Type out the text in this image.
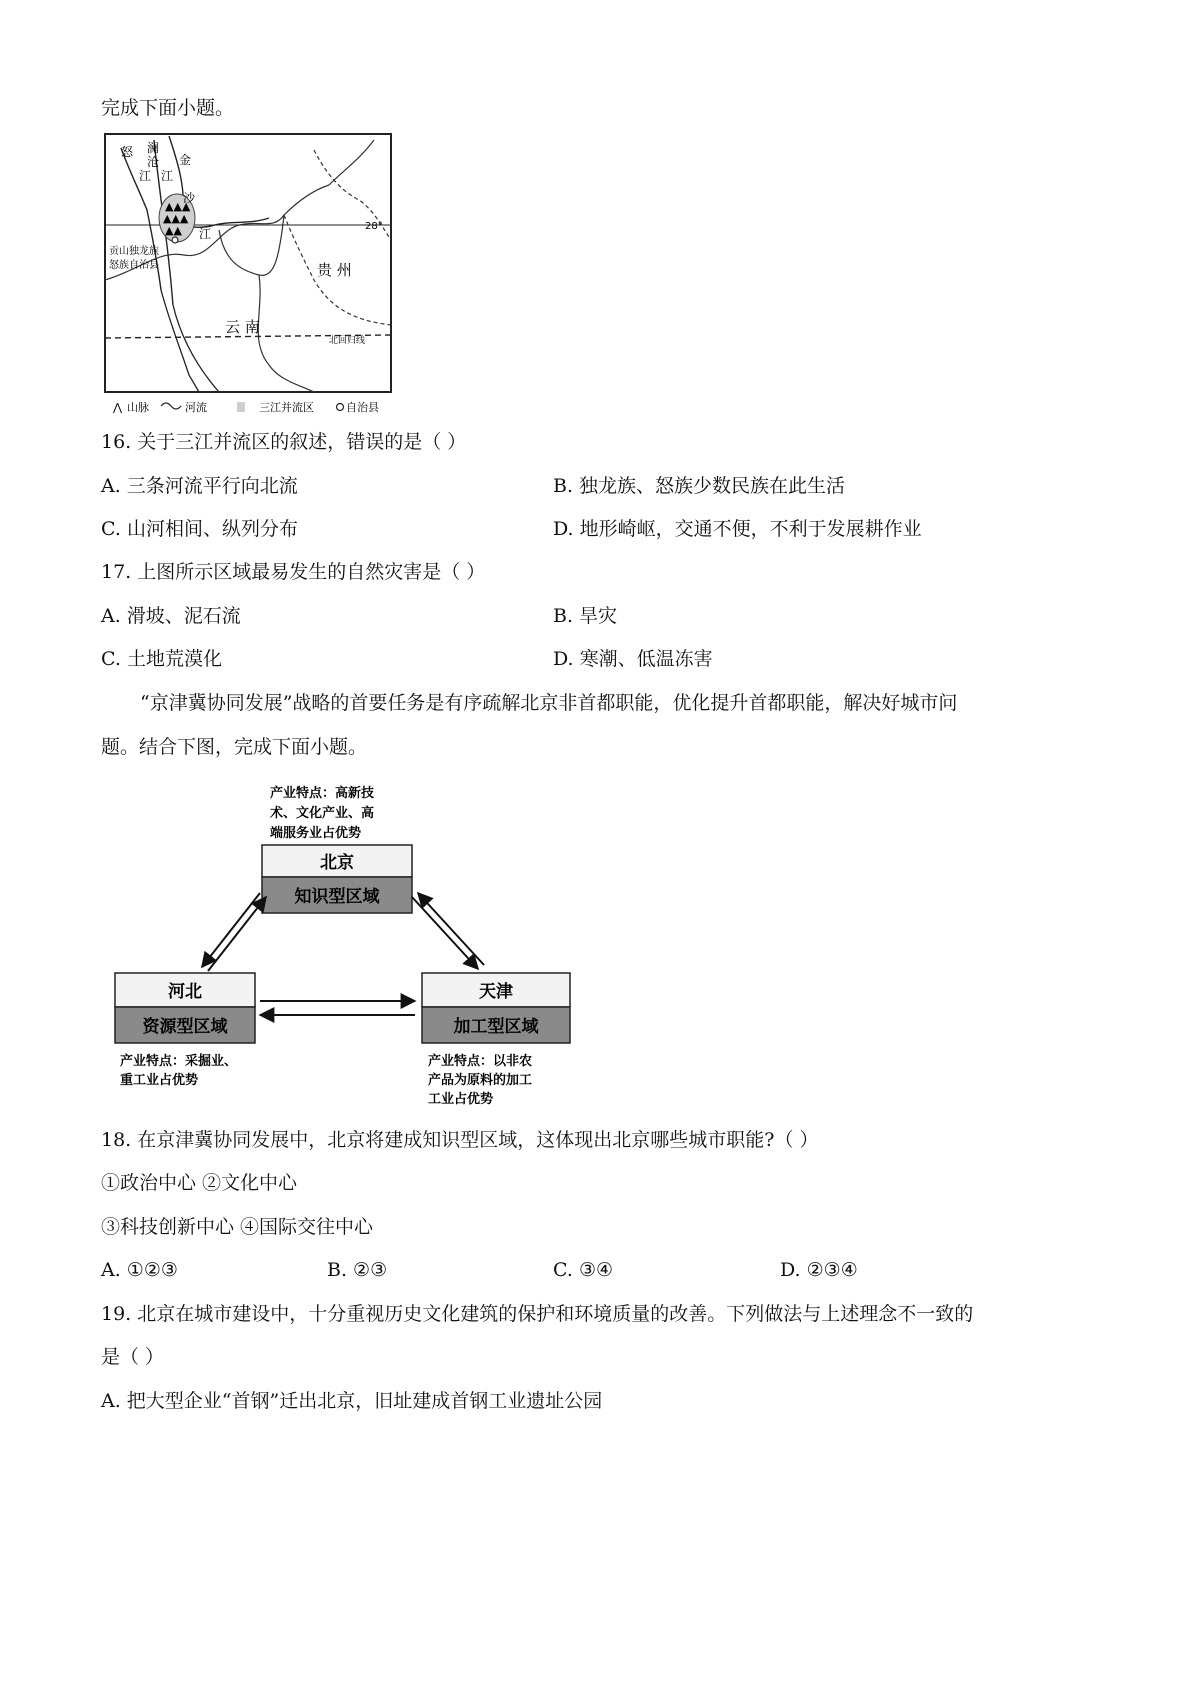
完成下面小题。
▲▲▲
▲▲▲
▲▲
怒 澜
沧
江 江
金
沙
江
28°
贡山独龙族
怒族自治县	贵 州
云 南
北回归线
⋀ 山脉	河流	三江并流区	自治县
16. 关于三江并流区的叙述，错误的是（ ）
A. 三条河流平行向北流	B. 独龙族、怒族少数民族在此生活
C. 山河相间、纵列分布	D. 地形崎岖，交通不便，不利于发展耕作业
17. 上图所示区域最易发生的自然灾害是（ ）
A. 滑坡、泥石流	B. 旱灾
C. 土地荒漠化	D. 寒潮、低温冻害
“京津冀协同发展”战略的首要任务是有序疏解北京非首都职能，优化提升首都职能，解决好城市问
题。结合下图，完成下面小题。
产业特点：高新技
术、文化产业、高
端服务业占优势
北京
知识型区域
河北
资源型区域
产业特点：采掘业、
重工业占优势
天津
加工型区域
产业特点：以非农
产品为原料的加工
工业占优势
18. 在京津冀协同发展中，北京将建成知识型区域，这体现出北京哪些城市职能?（ ）
①政治中心 ②文化中心
③科技创新中心 ④国际交往中心
A. ①②③	B. ②③	C. ③④	D. ②③④
19. 北京在城市建设中，十分重视历史文化建筑的保护和环境质量的改善。下列做法与上述理念不一致的
是（ ）
A. 把大型企业“首钢”迁出北京，旧址建成首钢工业遗址公园
